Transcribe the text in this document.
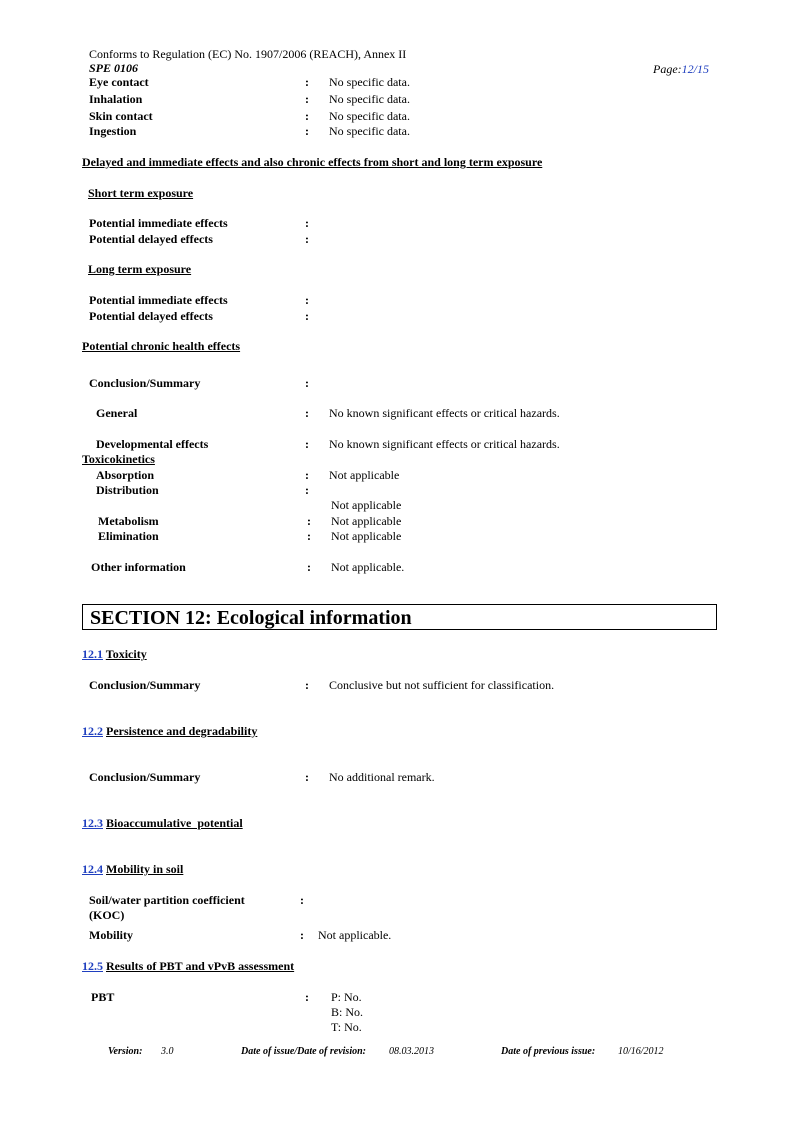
Conforms to Regulation (EC) No. 1907/2006 (REACH), Annex II
SPE 0106	Page:12/15
Eye contact	: No specific data.
Inhalation	: No specific data.
Skin contact	: No specific data.
Ingestion	: No specific data.
Delayed and immediate effects and also chronic effects from short and long term exposure
Short term exposure
Potential immediate effects	:
Potential delayed effects	:
Long term exposure
Potential immediate effects	:
Potential delayed effects	:
Potential chronic health effects
Conclusion/Summary	:
General	: No known significant effects or critical hazards.
Developmental effects	: No known significant effects or critical hazards.
Toxicokinetics
Absorption	: Not applicable
Distribution	:
Not applicable
Metabolism	: Not applicable
Elimination	: Not applicable
Other information	: Not applicable.
SECTION 12: Ecological information
12.1 Toxicity
Conclusion/Summary	: Conclusive but not sufficient for classification.
12.2 Persistence and degradability
Conclusion/Summary	: No additional remark.
12.3 Bioaccumulative  potential
12.4 Mobility in soil
Soil/water partition coefficient	:
(KOC)
Mobility	: Not applicable.
12.5 Results of PBT and vPvB assessment
PBT	: P: No.
B: No.
T: No.
Version: 3.0	Date of issue/Date of revision: 08.03.2013	Date of previous issue: 10/16/2012
